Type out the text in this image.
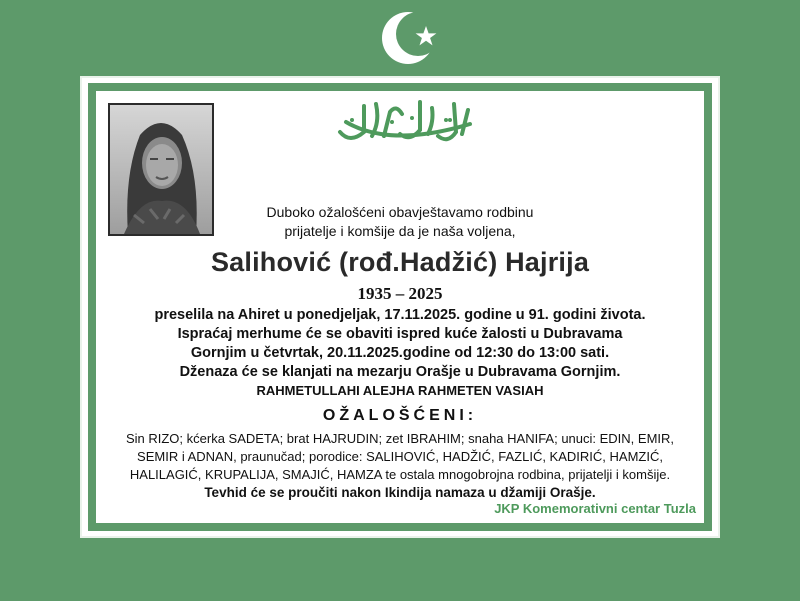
Duboko ožalošćeni obavještavamo rodbinu
prijatelje i komšije da je naša voljena,
Salihović (rođ.Hadžić) Hajrija
1935 – 2025
preselila na Ahiret u ponedjeljak, 17.11.2025. godine u 91. godini života.
Ispraćaj merhume će se obaviti ispred kuće žalosti u Dubravama
Gornjim u četvrtak, 20.11.2025.godine od 12:30 do 13:00 sati.
Dženaza će se klanjati na mezarju Orašje u Dubravama Gornjim.
RAHMETULLAHI ALEJHA RAHMETEN VASIAH
OŽALOŠĆENI:
Sin RIZO; kćerka SADETA; brat HAJRUDIN; zet IBRAHIM; snaha HANIFA; unuci: EDIN, EMIR,
SEMIR i ADNAN, praunučad; porodice: SALIHOVIĆ, HADŽIĆ, FAZLIĆ, KADIRIĆ, HAMZIĆ,
HALILAGIĆ, KRUPALIJA, SMAJIĆ, HAMZA te ostala mnogobrojna rodbina, prijatelji i komšije.
Tevhid će se proučiti nakon Ikindija namaza u džamiji Orašje.
JKP Komemorativni centar Tuzla
